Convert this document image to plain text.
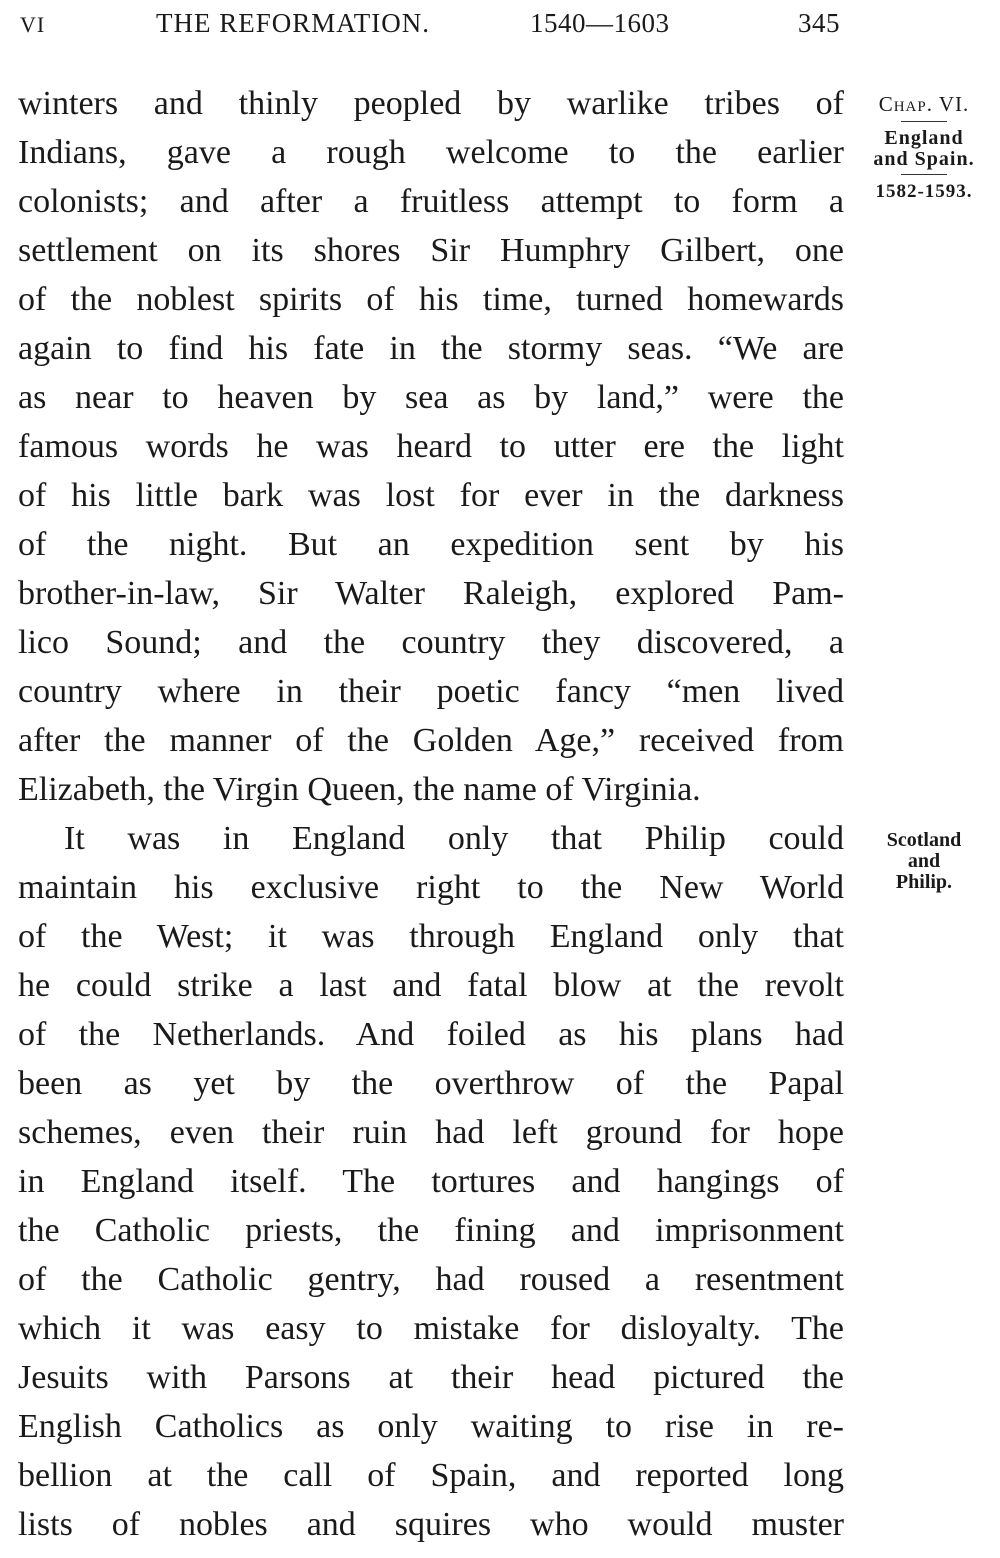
VI	THE REFORMATION.	1540—1603	345
winters and thinly peopled by warlike tribes of
Indians, gave a rough welcome to the earlier
colonists; and after a fruitless attempt to form a
settlement on its shores Sir Humphry Gilbert, one
of the noblest spirits of his time, turned homewards
again to find his fate in the stormy seas. “We are
as near to heaven by sea as by land,” were the
famous words he was heard to utter ere the light
of his little bark was lost for ever in the darkness
of the night. But an expedition sent by his
brother-in-law, Sir Walter Raleigh, explored Pam-
lico Sound; and the country they discovered, a
country where in their poetic fancy “men lived
after the manner of the Golden Age,” received from
Elizabeth, the Virgin Queen, the name of Virginia.
It was in England only that Philip could
maintain his exclusive right to the New World
of the West; it was through England only that
he could strike a last and fatal blow at the revolt
of the Netherlands. And foiled as his plans had
been as yet by the overthrow of the Papal
schemes, even their ruin had left ground for hope
in England itself. The tortures and hangings of
the Catholic priests, the fining and imprisonment
of the Catholic gentry, had roused a resentment
which it was easy to mistake for disloyalty. The
Jesuits with Parsons at their head pictured the
English Catholics as only waiting to rise in re-
bellion at the call of Spain, and reported long
lists of nobles and squires who would muster
Chap. VI.
England
and Spain.
1582-1593.
Scotland
and
Philip.
